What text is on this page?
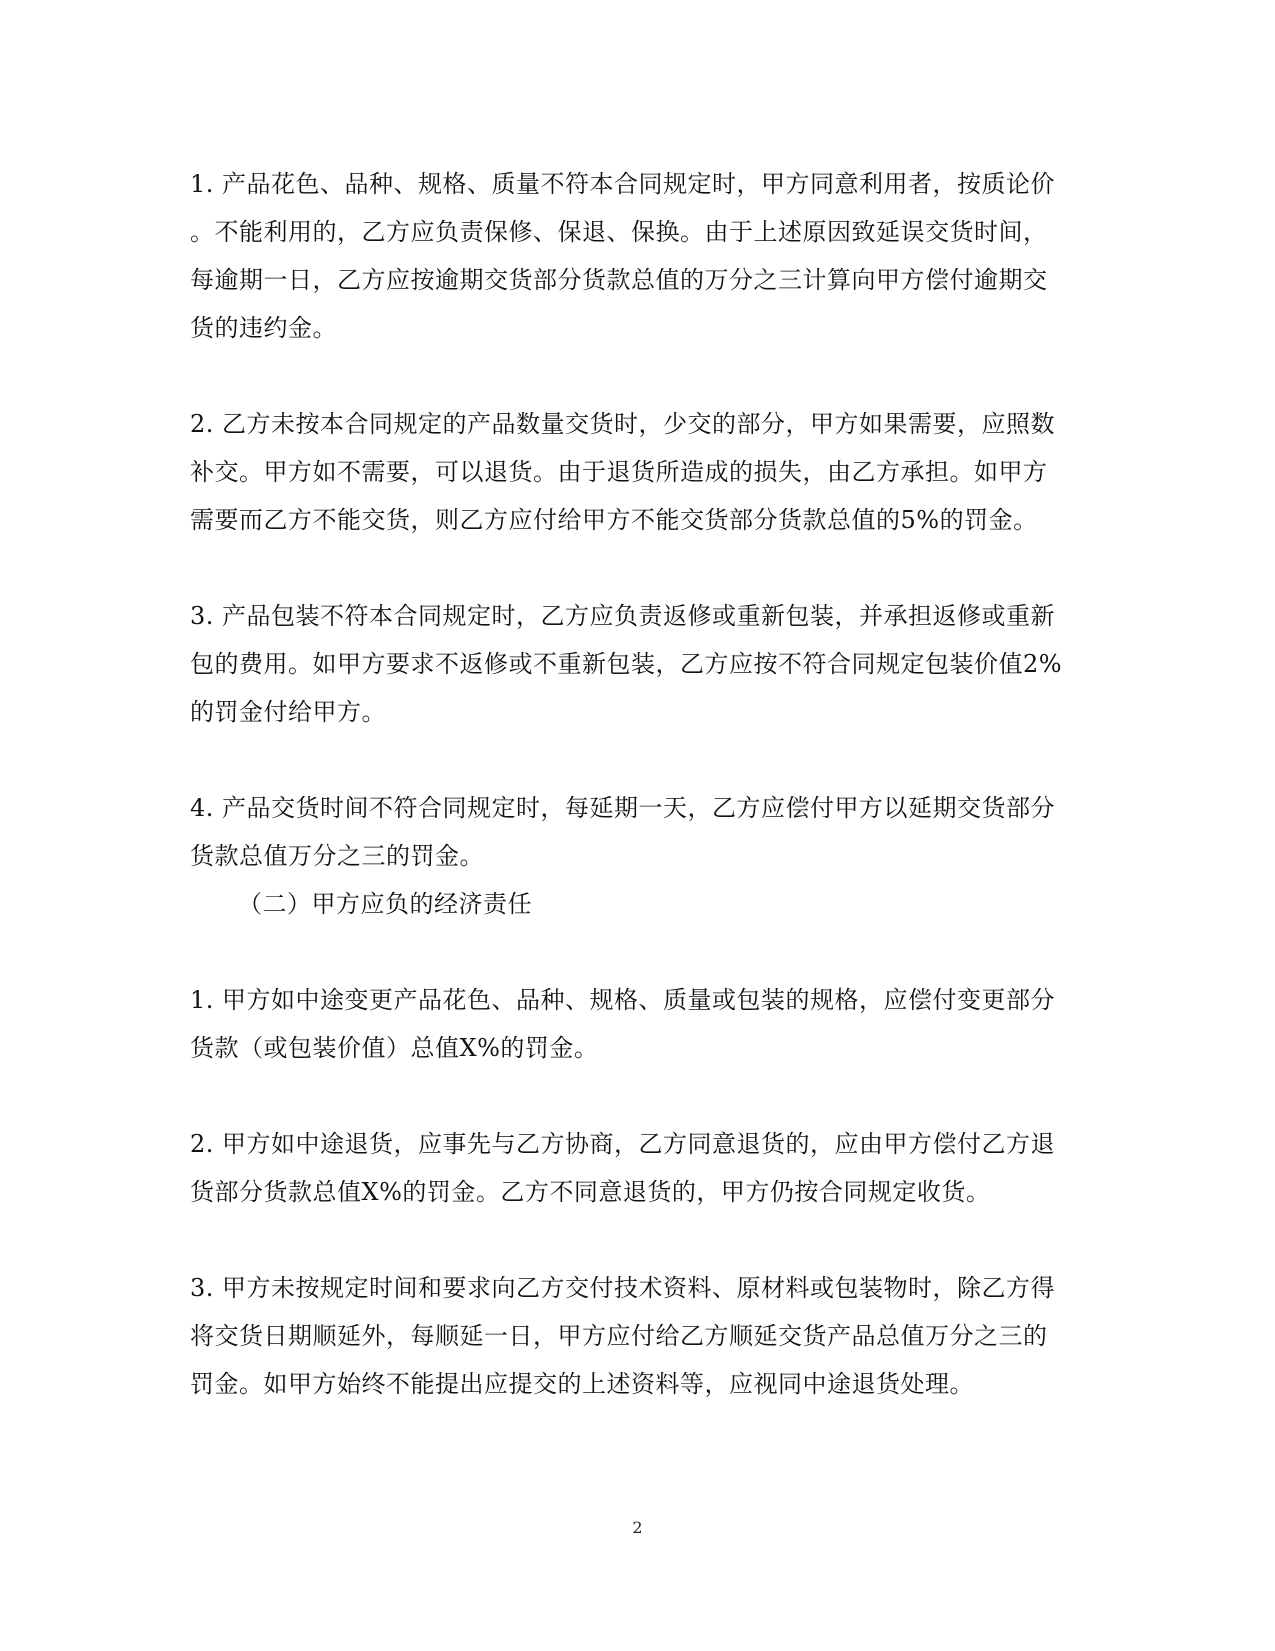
1. 产品花色、品种、规格、质量不符本合同规定时，甲方同意利用者，按质论价
。不能利用的，乙方应负责保修、保退、保换。由于上述原因致延误交货时间，
每逾期一日，乙方应按逾期交货部分货款总值的万分之三计算向甲方偿付逾期交
货的违约金。

2. 乙方未按本合同规定的产品数量交货时，少交的部分，甲方如果需要，应照数
补交。甲方如不需要，可以退货。由于退货所造成的损失，由乙方承担。如甲方
需要而乙方不能交货，则乙方应付给甲方不能交货部分货款总值的5%的罚金。

3. 产品包装不符本合同规定时，乙方应负责返修或重新包装，并承担返修或重新
包的费用。如甲方要求不返修或不重新包装，乙方应按不符合同规定包装价值2%
的罚金付给甲方。

4. 产品交货时间不符合同规定时，每延期一天，乙方应偿付甲方以延期交货部分
货款总值万分之三的罚金。

（二）甲方应负的经济责任

1. 甲方如中途变更产品花色、品种、规格、质量或包装的规格，应偿付变更部分
货款（或包装价值）总值X%的罚金。

2. 甲方如中途退货，应事先与乙方协商，乙方同意退货的，应由甲方偿付乙方退
货部分货款总值X%的罚金。乙方不同意退货的，甲方仍按合同规定收货。

3. 甲方未按规定时间和要求向乙方交付技术资料、原材料或包装物时，除乙方得
将交货日期顺延外，每顺延一日，甲方应付给乙方顺延交货产品总值万分之三的
罚金。如甲方始终不能提出应提交的上述资料等，应视同中途退货处理。

2
